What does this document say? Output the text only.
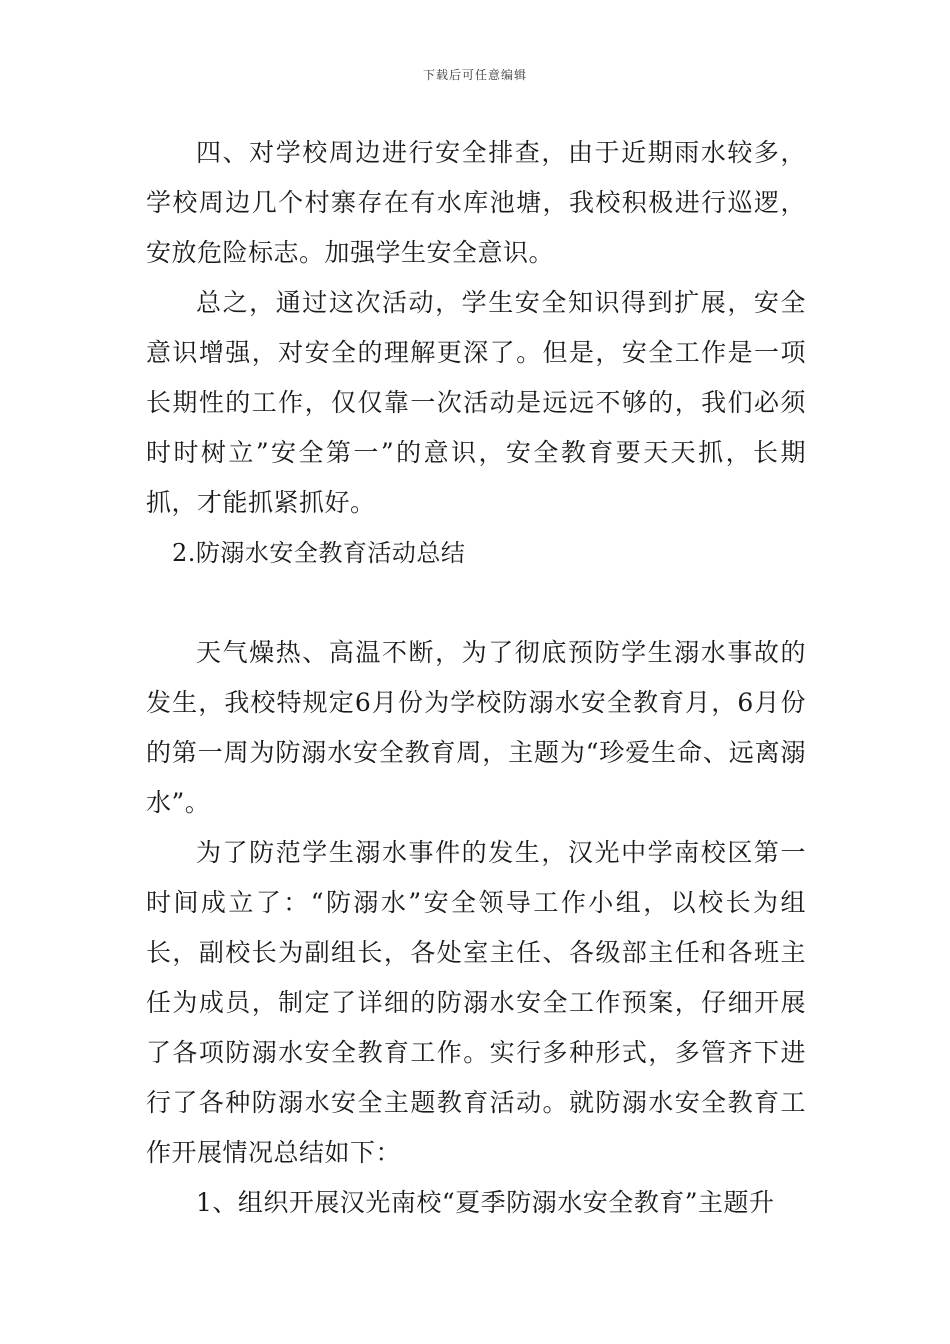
下载后可任意编辑

四、对学校周边进行安全排查，由于近期雨水较多，学校周边几个村寨存在有水库池塘，我校积极进行巡逻，安放危险标志。加强学生安全意识。

总之，通过这次活动，学生安全知识得到扩展，安全意识增强，对安全的理解更深了。但是，安全工作是一项长期性的工作，仅仅靠一次活动是远远不够的，我们必须时时树立”安全第一”的意识，安全教育要天天抓，长期抓，才能抓紧抓好。

2.防溺水安全教育活动总结

天气燥热、高温不断，为了彻底预防学生溺水事故的发生，我校特规定6月份为学校防溺水安全教育月，6月份的第一周为防溺水安全教育周，主题为“珍爱生命、远离溺水”。

为了防范学生溺水事件的发生，汉光中学南校区第一时间成立了：“防溺水”安全领导工作小组，以校长为组长，副校长为副组长，各处室主任、各级部主任和各班主任为成员，制定了详细的防溺水安全工作预案，仔细开展了各项防溺水安全教育工作。实行多种形式，多管齐下进行了各种防溺水安全主题教育活动。就防溺水安全教育工作开展情况总结如下：

1、组织开展汉光南校“夏季防溺水安全教育”主题升
